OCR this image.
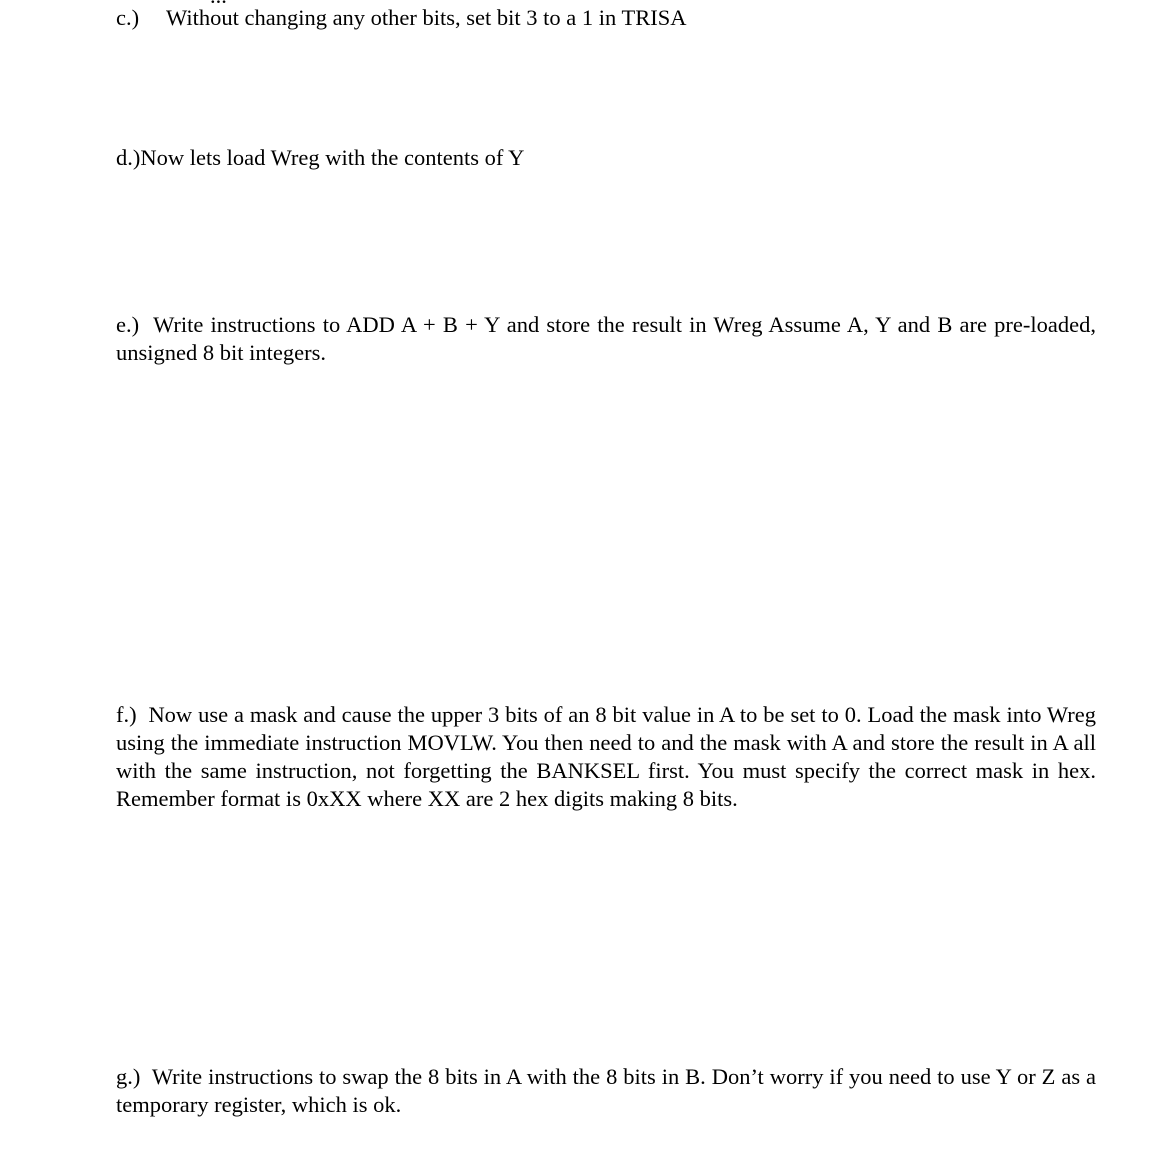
c.) Without changing any other bits, set bit 3 to a 1 in TRISA
d.)Now lets load Wreg with the contents of Y
e.) Write instructions to ADD A + B + Y and store the result in Wreg Assume A, Y and B are pre-loaded, unsigned 8 bit integers.
f.) Now use a mask and cause the upper 3 bits of an 8 bit value in A to be set to 0. Load the mask into Wreg using the immediate instruction MOVLW. You then need to and the mask with A and store the result in A all with the same instruction, not forgetting the BANKSEL first. You must specify the correct mask in hex. Remember format is 0xXX where XX are 2 hex digits making 8 bits.
g.) Write instructions to swap the 8 bits in A with the 8 bits in B. Don’t worry if you need to use Y or Z as a temporary register, which is ok.
